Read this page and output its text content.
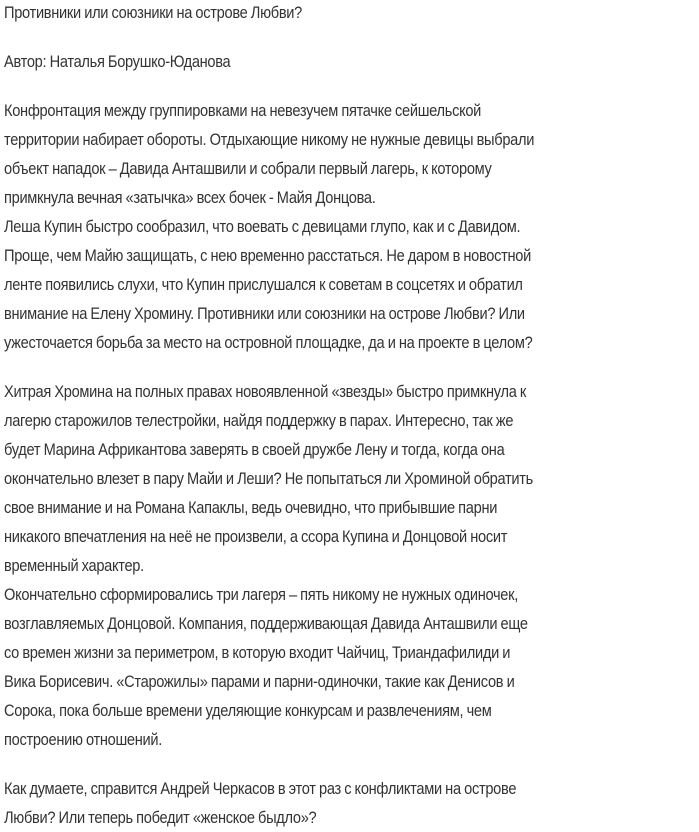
Противники или союзники на острове Любви?
Автор: Наталья Борушко-Юданова
Конфронтация между группировками на невезучем пятачке сейшельской
территории набирает обороты. Отдыхающие никому не нужные девицы выбрали
объект нападок – Давида Анташвили и собрали первый лагерь, к которому
примкнула вечная «затычка» всех бочек - Майя Донцова.
Леша Купин быстро сообразил, что воевать с девицами глупо, как и с Давидом.
Проще, чем Майю защищать, с нею временно расстаться. Не даром в новостной
ленте появились слухи, что Купин прислушался к советам в соцсетях и обратил
внимание на Елену Хромину. Противники или союзники на острове Любви? Или
ужесточается борьба за место на островной площадке, да и на проекте в целом?
Хитрая Хромина на полных правах новоявленной «звезды» быстро примкнула к
лагерю старожилов телестройки, найдя поддержку в парах. Интересно, так же
будет Марина Африкантова заверять в своей дружбе Лену и тогда, когда она
окончательно влезет в пару Майи и Леши? Не попытаться ли Хроминой обратить
свое внимание и на Романа Капаклы, ведь очевидно, что прибывшие парни
никакого впечатления на неё не произвели, а ссора Купина и Донцовой носит
временный характер.
Окончательно сформировались три лагеря – пять никому не нужных одиночек,
возглавляемых Донцовой. Компания, поддерживающая Давида Анташвили еще
со времен жизни за периметром, в которую входит Чайчиц, Триандафилиди и
Вика Борисевич. «Старожилы» парами и парни-одиночки, такие как Денисов и
Сорока, пока больше времени уделяющие конкурсам и развлечениям, чем
построению отношений.
Как думаете, справится Андрей Черкасов в этот раз с конфликтами на острове
Любви? Или теперь победит «женское быдло»?
